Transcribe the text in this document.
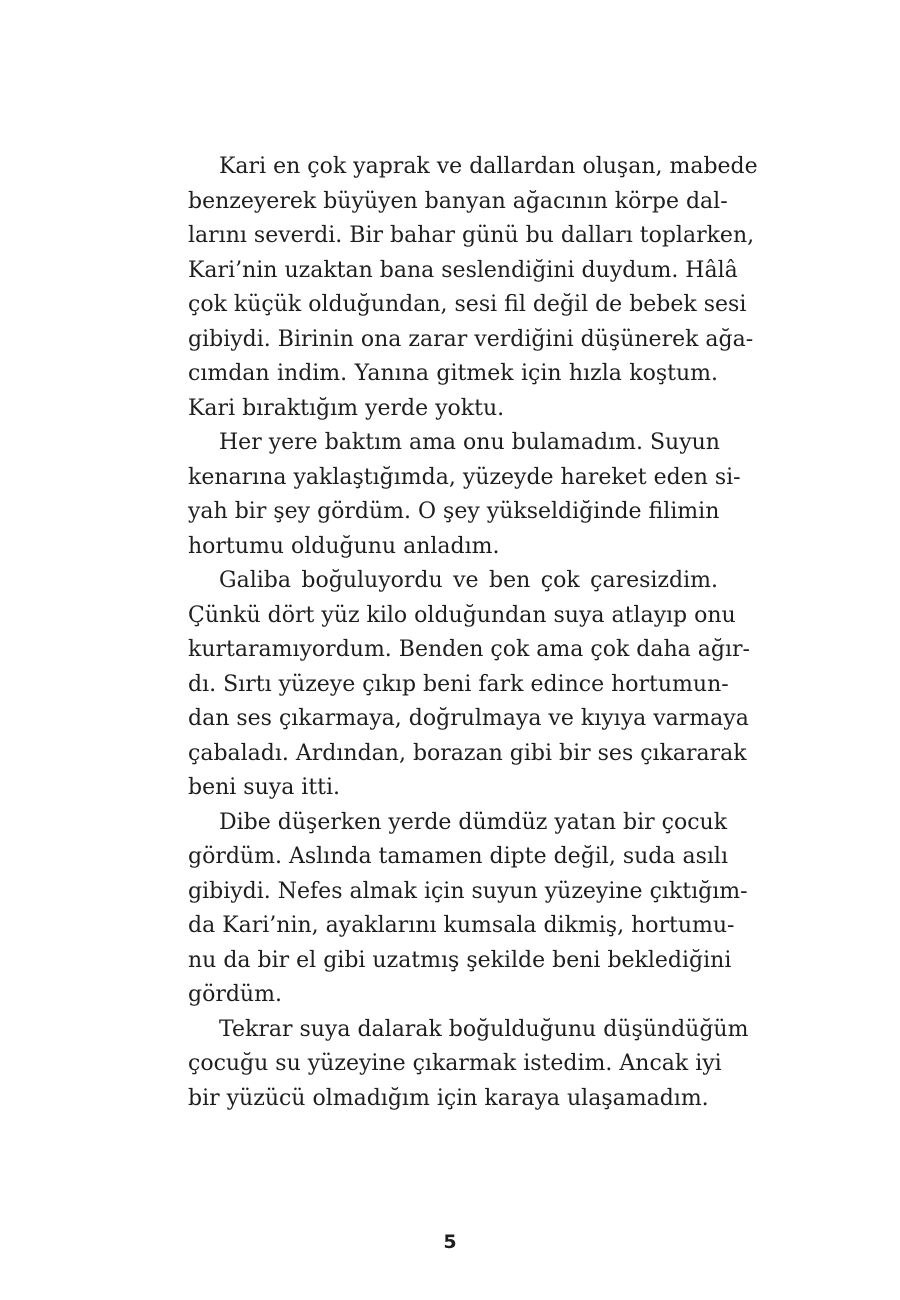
Kari en çok yaprak ve dallardan oluşan, mabede
benzeyerek büyüyen banyan ağacının körpe dal-
larını severdi. Bir bahar günü bu dalları toplarken,
Kari’nin uzaktan bana seslendiğini duydum. Hâlâ
çok küçük olduğundan, sesi fil değil de bebek sesi
gibiydi. Birinin ona zarar verdiğini düşünerek ağa-
cımdan indim. Yanına gitmek için hızla koştum.
Kari bıraktığım yerde yoktu.

Her yere baktım ama onu bulamadım. Suyun
kenarına yaklaştığımda, yüzeyde hareket eden si-
yah bir şey gördüm. O şey yükseldiğinde filimin
hortumu olduğunu anladım.

Galiba boğuluyordu ve ben çok çaresizdim.
Çünkü dört yüz kilo olduğundan suya atlayıp onu
kurtaramıyordum. Benden çok ama çok daha ağır-
dı. Sırtı yüzeye çıkıp beni fark edince hortumun-
dan ses çıkarmaya, doğrulmaya ve kıyıya varmaya
çabaladı. Ardından, borazan gibi bir ses çıkararak
beni suya itti.

Dibe düşerken yerde dümdüz yatan bir çocuk
gördüm. Aslında tamamen dipte değil, suda asılı
gibiydi. Nefes almak için suyun yüzeyine çıktığım-
da Kari’nin, ayaklarını kumsala dikmiş, hortumu-
nu da bir el gibi uzatmış şekilde beni beklediğini
gördüm.

Tekrar suya dalarak boğulduğunu düşündüğüm
çocuğu su yüzeyine çıkarmak istedim. Ancak iyi
bir yüzücü olmadığım için karaya ulaşamadım.

5
